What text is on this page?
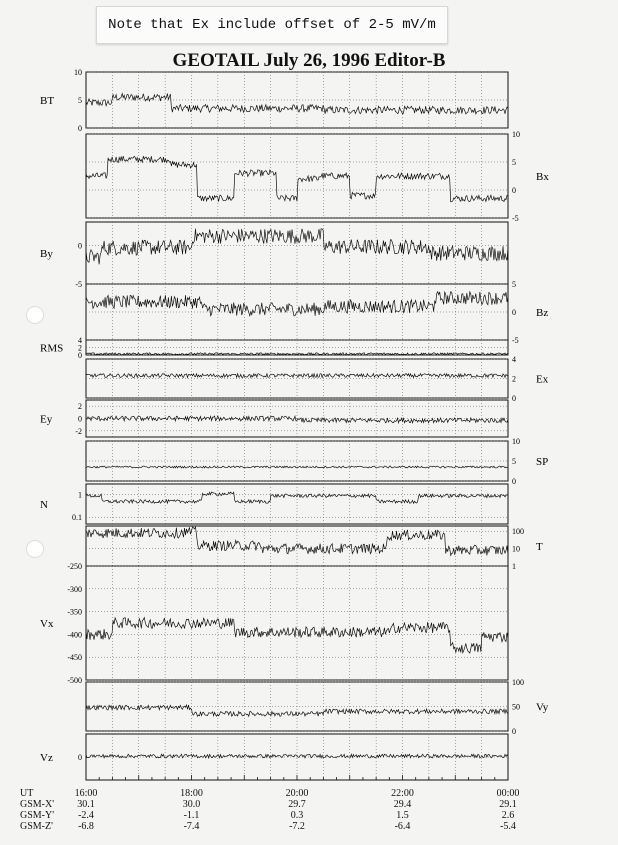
Note that Ex include offset of 2-5 mV/m
GEOTAIL July 26, 1996 Editor-B
10
5
0
BT
10
5
0
-5
Bx
0
-5
By
5
0
-5
Bz
4
2
0
RMS
4
2
0
Ex
2
0
-2
Ey
10
5
0
SP
1
0.1
N
100
10
1
T
-250
-300
-350
-400
-450
-500
Vx
100
50
0
Vy
0
Vz
UT	16:00	18:00	20:00	22:00	00:00
GSM-X'	30.1	30.0	29.7	29.4	29.1
GSM-Y'	-2.4	-1.1	0.3	1.5	2.6
GSM-Z'	-6.8	-7.4	-7.2	-6.4	-5.4
